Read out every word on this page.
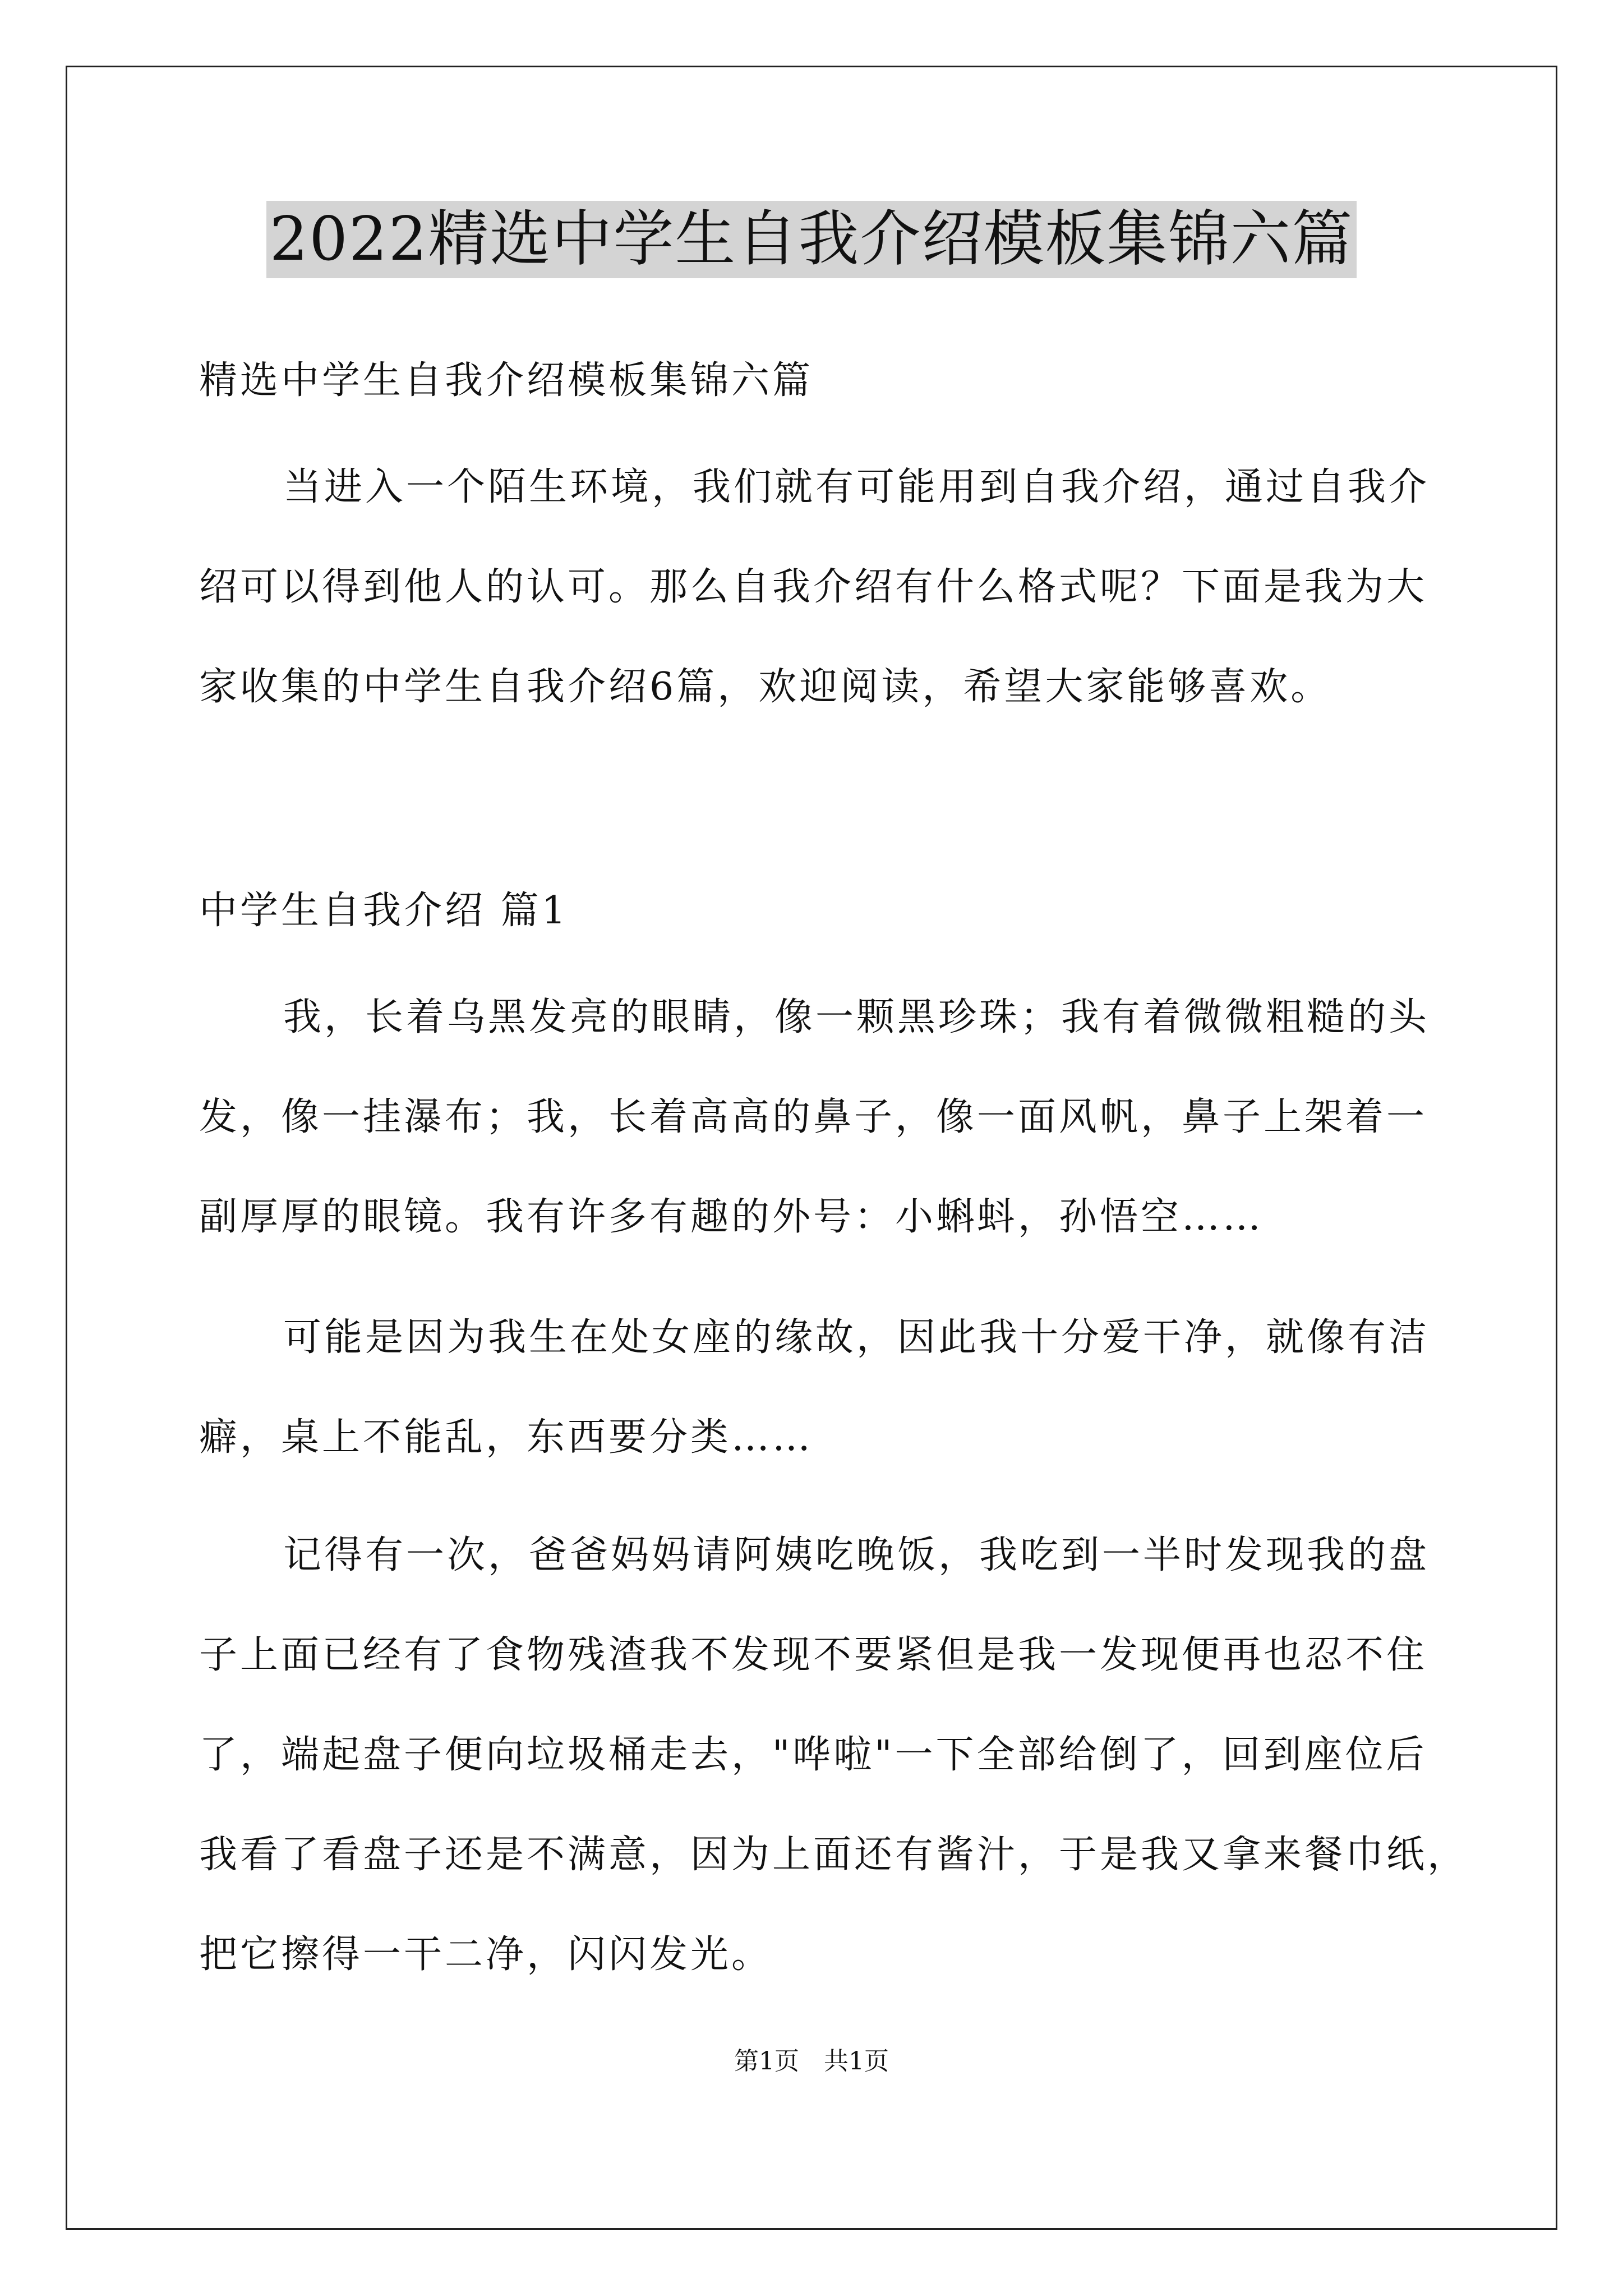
2022精选中学生自我介绍模板集锦六篇
精选中学生自我介绍模板集锦六篇
当进入一个陌生环境，我们就有可能用到自我介绍，通过自我介
绍可以得到他人的认可。那么自我介绍有什么格式呢？下面是我为大
家收集的中学生自我介绍6篇，欢迎阅读，希望大家能够喜欢。
中学生自我介绍 篇1
我，长着乌黑发亮的眼睛，像一颗黑珍珠；我有着微微粗糙的头
发，像一挂瀑布；我，长着高高的鼻子，像一面风帆，鼻子上架着一
副厚厚的眼镜。我有许多有趣的外号：小蝌蚪，孙悟空……
可能是因为我生在处女座的缘故，因此我十分爱干净，就像有洁
癖，桌上不能乱，东西要分类……
记得有一次，爸爸妈妈请阿姨吃晚饭，我吃到一半时发现我的盘
子上面已经有了食物残渣我不发现不要紧但是我一发现便再也忍不住
了，端起盘子便向垃圾桶走去，"哗啦"一下全部给倒了，回到座位后
我看了看盘子还是不满意，因为上面还有酱汁，于是我又拿来餐巾纸，
把它擦得一干二净，闪闪发光。
第1页 共1页
